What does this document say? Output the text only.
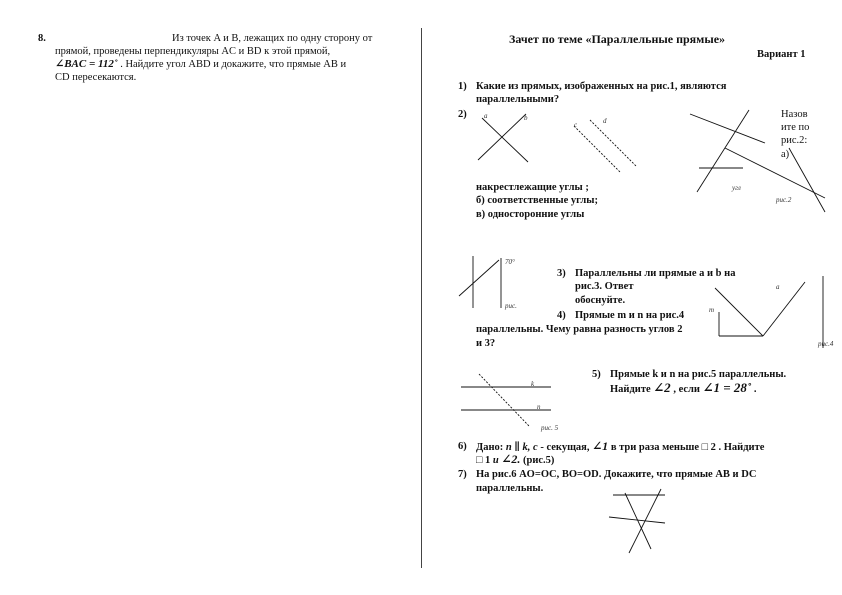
8.	Из точек A и B, лежащих по одну сторону от
прямой, проведены перпендикуляры AC и BD к этой прямой,
∠BAC = 112˚ . Найдите угол ABD и докажите, что прямые AB и
CD пересекаются.
Зачет по теме «Параллельные прямые»
Вариант 1
1) Какие из прямых, изображенных на рис.1, являются
параллельными?
2) a	b
c	d
угл
рис.2
Назов
ите по
рис.2:
а)
накрестлежащие углы ;
б) соответственные углы;
в) односторонние углы
70°
рис.
3) Параллельны ли прямые a и b на
рис.3. Ответ
обоснуйте.
4) Прямые m и n на рис.4
параллельны. Чему равна разность углов 2
и 3?
a
m
рис.4
k
n
рис. 5
5) Прямые k и n на рис.5 параллельны.
Найдите ∠2 , если ∠1 = 28˚ .
6) Дано: n ∥ k, c - секущая, ∠1 в три раза меньше □ 2 . Найдите
□ 1 и ∠2. (рис.5)
7) На рис.6 AO=OC, BO=OD. Докажите, что прямые AB и DC
параллельны.
